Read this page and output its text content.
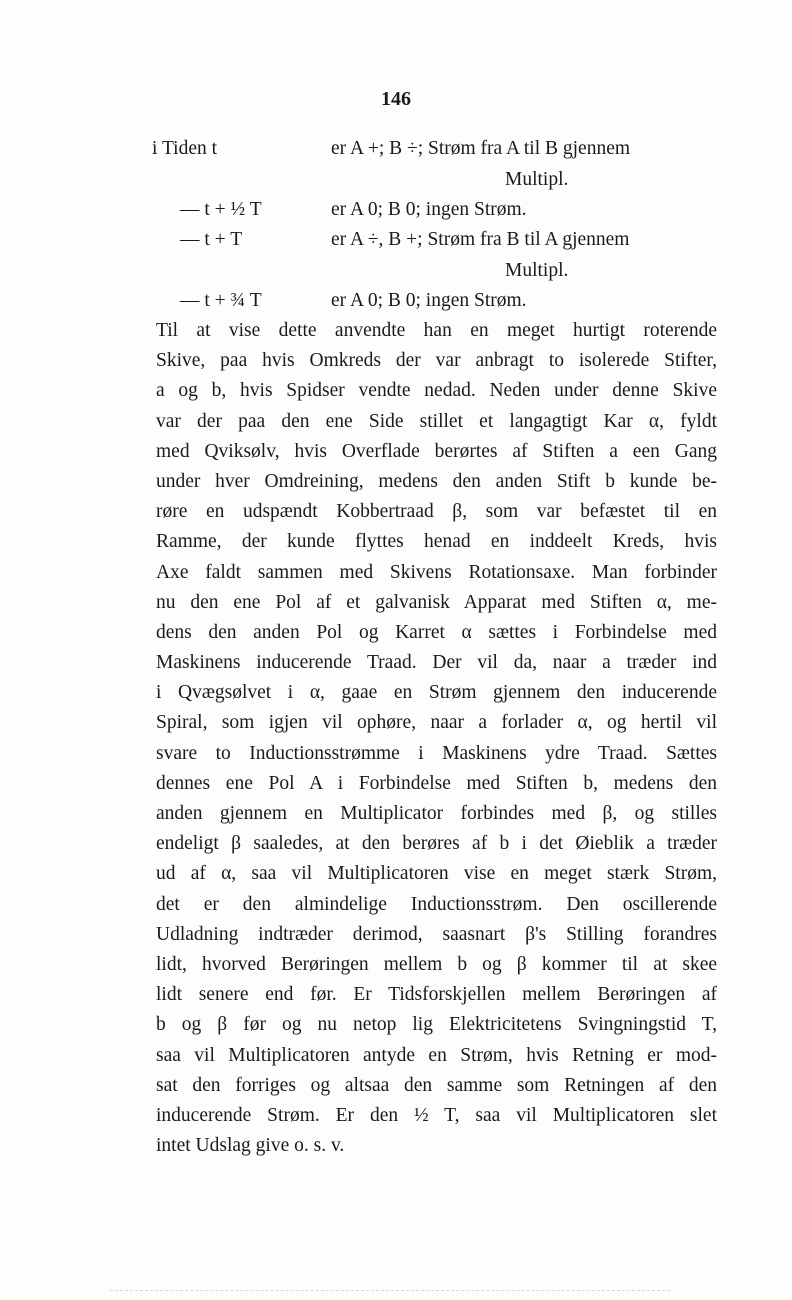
146
i Tiden t	er A +; B ÷; Strøm fra A til B gjennem
Multipl.
— t + ½ T	er A 0; B 0; ingen Strøm.
— t + T	er A ÷, B +; Strøm fra B til A gjennem
Multipl.
— t + ¾ T	er A 0; B 0; ingen Strøm.
Til at vise dette anvendte han en meget hurtigt roterende
Skive, paa hvis Omkreds der var anbragt to isolerede Stifter,
a og b, hvis Spidser vendte nedad. Neden under denne Skive
var der paa den ene Side stillet et langagtigt Kar α, fyldt
med Qviksølv, hvis Overflade berørtes af Stiften a een Gang
under hver Omdreining, medens den anden Stift b kunde be-
røre en udspændt Kobbertraad β, som var befæstet til en
Ramme, der kunde flyttes henad en inddeelt Kreds, hvis
Axe faldt sammen med Skivens Rotationsaxe. Man forbinder
nu den ene Pol af et galvanisk Apparat med Stiften α, me-
dens den anden Pol og Karret α sættes i Forbindelse med
Maskinens inducerende Traad. Der vil da, naar a træder ind
i Qvægsølvet i α, gaae en Strøm gjennem den inducerende
Spiral, som igjen vil ophøre, naar a forlader α, og hertil vil
svare to Inductionsstrømme i Maskinens ydre Traad. Sættes
dennes ene Pol A i Forbindelse med Stiften b, medens den
anden gjennem en Multiplicator forbindes med β, og stilles
endeligt β saaledes, at den berøres af b i det Øieblik a træder
ud af α, saa vil Multiplicatoren vise en meget stærk Strøm,
det er den almindelige Inductionsstrøm. Den oscillerende
Udladning indtræder derimod, saasnart β's Stilling forandres
lidt, hvorved Berøringen mellem b og β kommer til at skee
lidt senere end før. Er Tidsforskjellen mellem Berøringen af
b og β før og nu netop lig Elektricitetens Svingningstid T,
saa vil Multiplicatoren antyde en Strøm, hvis Retning er mod-
sat den forriges og altsaa den samme som Retningen af den
inducerende Strøm. Er den ½ T, saa vil Multiplicatoren slet
intet Udslag give o. s. v.
